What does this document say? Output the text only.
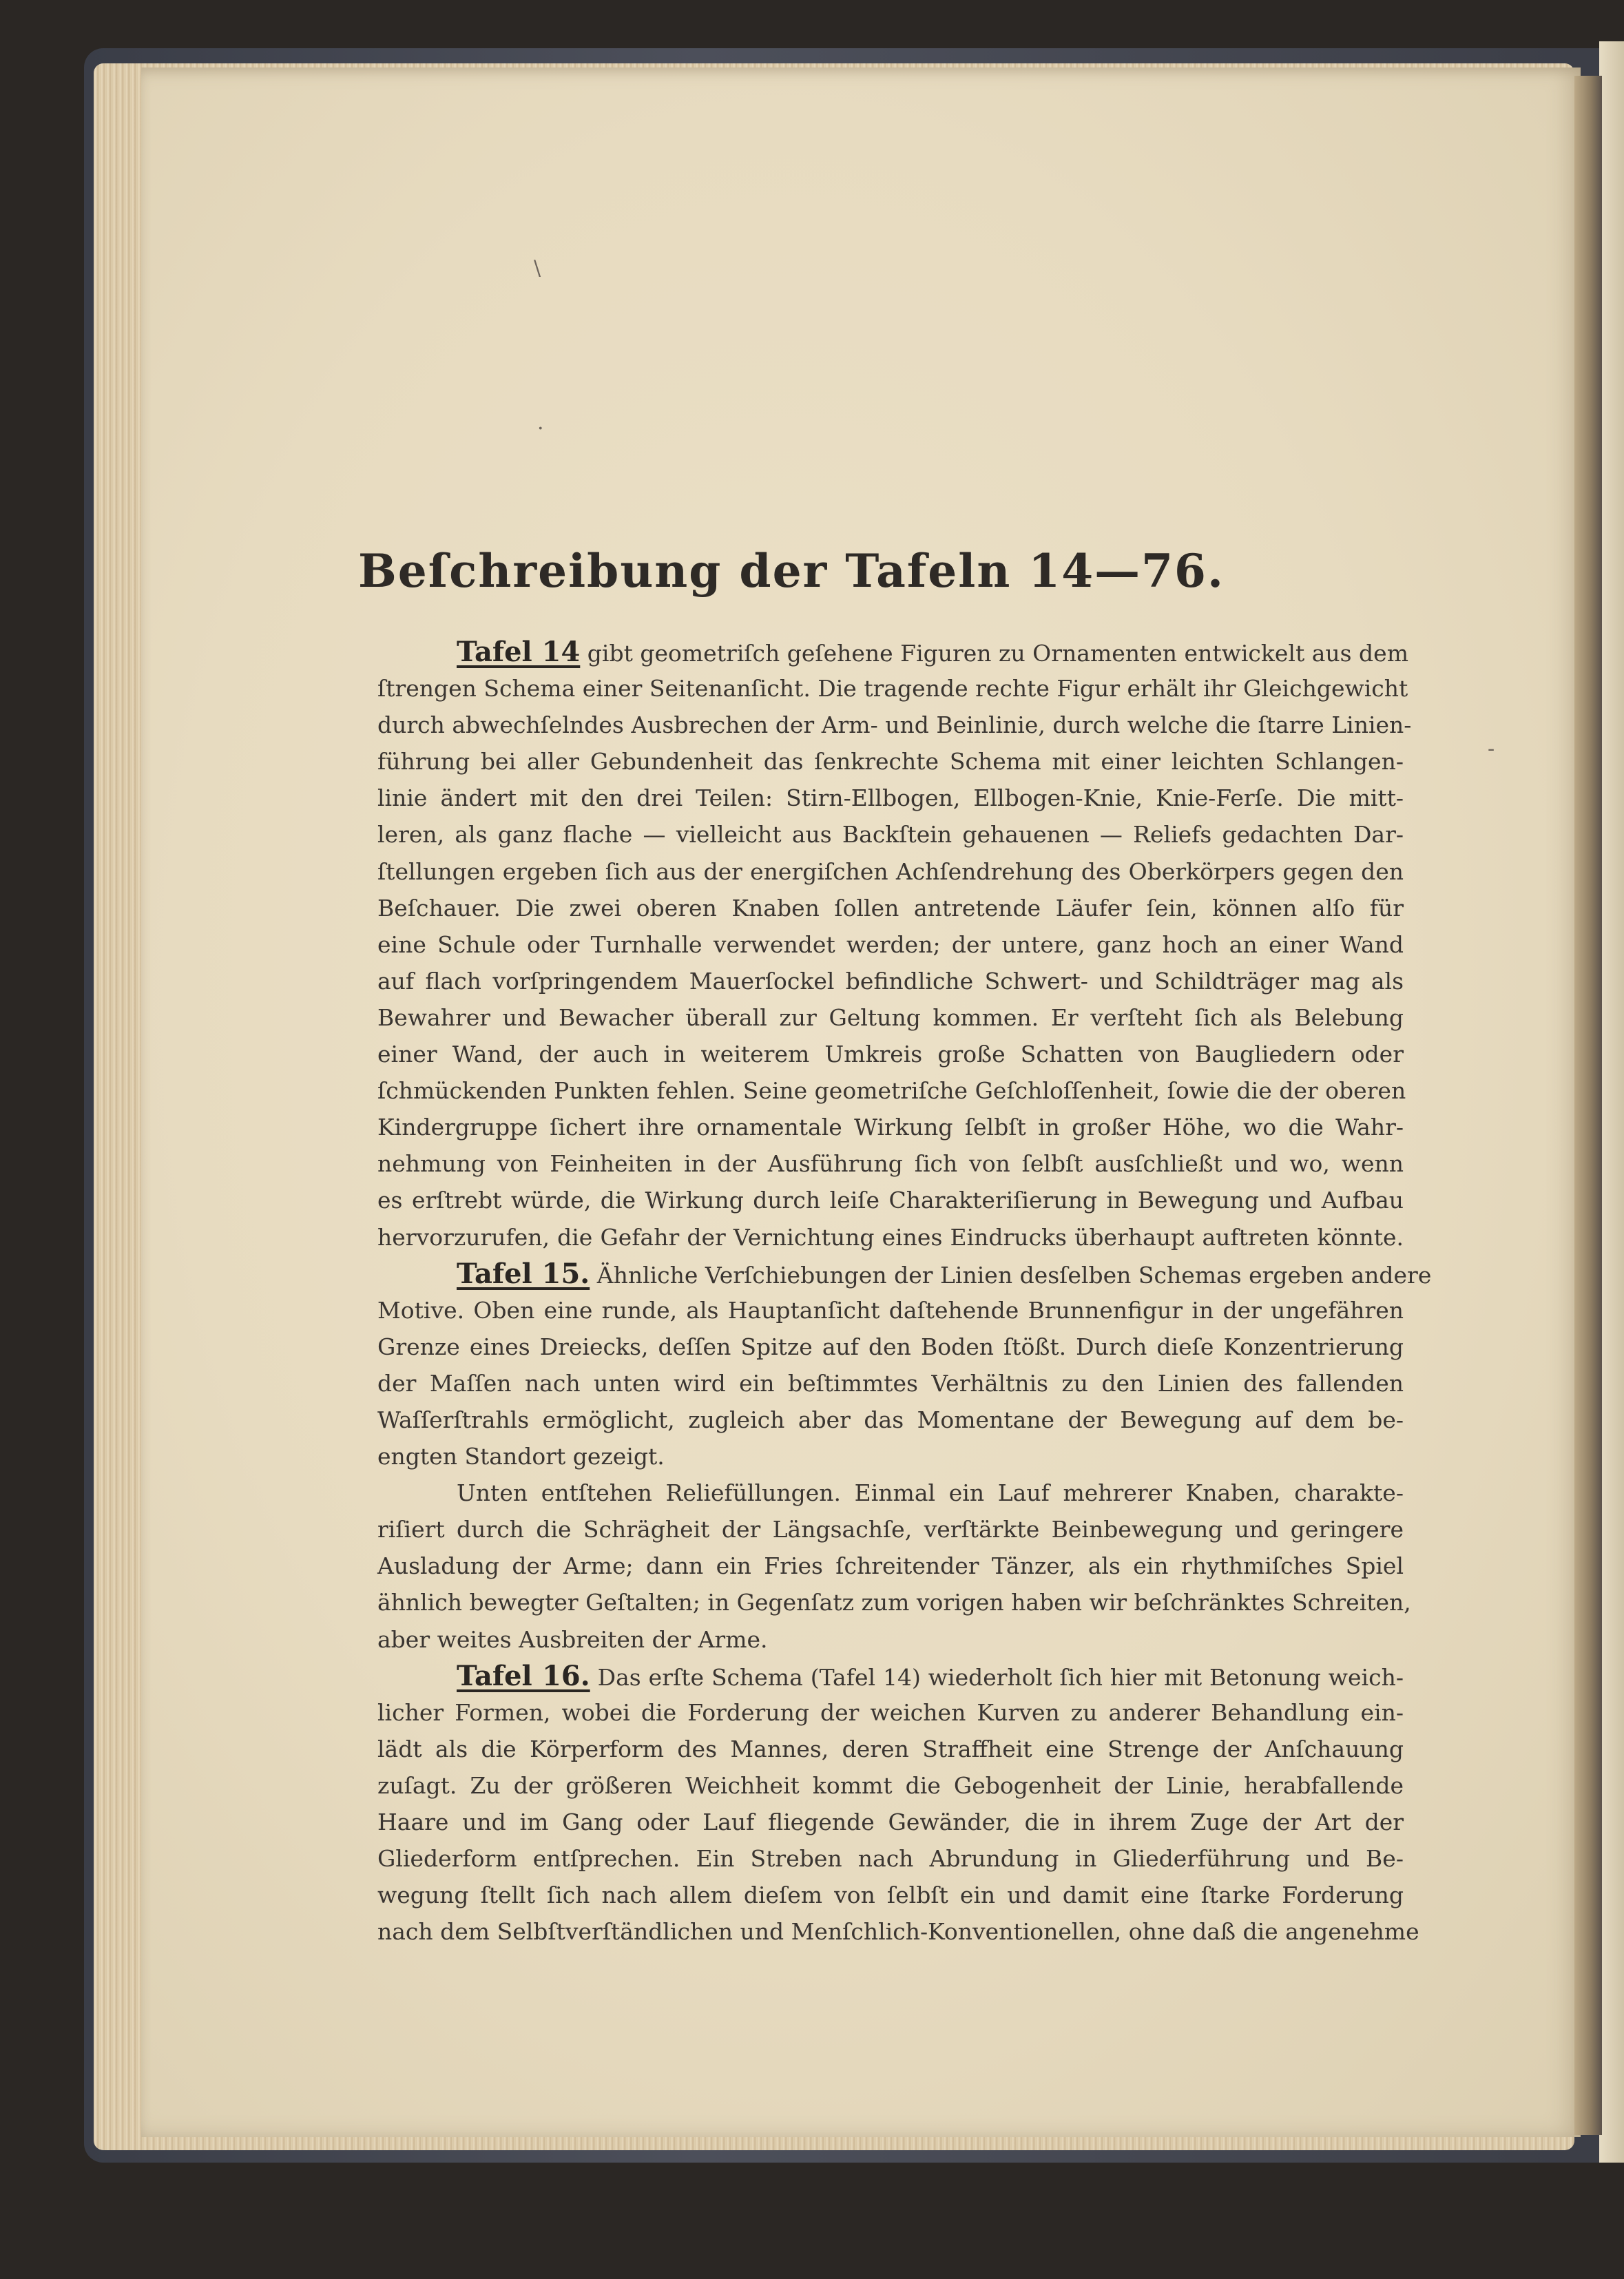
\
·
-
Beſchreibung der Tafeln 14—76.
Tafel 14 gibt geometriſch geſehene Figuren zu Ornamenten entwickelt aus dem
ſtrengen Schema einer Seitenanſicht. Die tragende rechte Figur erhält ihr Gleichgewicht
durch abwechſelndes Ausbrechen der Arm- und Beinlinie, durch welche die ſtarre Linien-
führung bei aller Gebundenheit das ſenkrechte Schema mit einer leichten Schlangen-
linie ändert mit den drei Teilen: Stirn-Ellbogen, Ellbogen-Knie, Knie-Ferſe. Die mitt-
leren, als ganz flache — vielleicht aus Backſtein gehauenen — Reliefs gedachten Dar-
ſtellungen ergeben ſich aus der energiſchen Achſendrehung des Oberkörpers gegen den
Beſchauer. Die zwei oberen Knaben ſollen antretende Läufer ſein, können alſo für
eine Schule oder Turnhalle verwendet werden; der untere, ganz hoch an einer Wand
auf flach vorſpringendem Mauerſockel befindliche Schwert- und Schildträger mag als
Bewahrer und Bewacher überall zur Geltung kommen. Er verſteht ſich als Belebung
einer Wand, der auch in weiterem Umkreis große Schatten von Baugliedern oder
ſchmückenden Punkten fehlen. Seine geometriſche Geſchloſſenheit, ſowie die der oberen
Kindergruppe ſichert ihre ornamentale Wirkung ſelbſt in großer Höhe, wo die Wahr-
nehmung von Feinheiten in der Ausführung ſich von ſelbſt ausſchließt und wo, wenn
es erſtrebt würde, die Wirkung durch leiſe Charakteriſierung in Bewegung und Aufbau
hervorzurufen, die Gefahr der Vernichtung eines Eindrucks überhaupt auftreten könnte.
Tafel 15. Ähnliche Verſchiebungen der Linien desſelben Schemas ergeben andere
Motive. Oben eine runde, als Hauptanſicht daſtehende Brunnenfigur in der ungefähren
Grenze eines Dreiecks, deſſen Spitze auf den Boden ſtößt. Durch dieſe Konzentrierung
der Maſſen nach unten wird ein beſtimmtes Verhältnis zu den Linien des fallenden
Waſſerſtrahls ermöglicht, zugleich aber das Momentane der Bewegung auf dem be-
engten Standort gezeigt.
Unten entſtehen Reliefüllungen. Einmal ein Lauf mehrerer Knaben, charakte-
riſiert durch die Schrägheit der Längsachſe, verſtärkte Beinbewegung und geringere
Ausladung der Arme; dann ein Fries ſchreitender Tänzer, als ein rhythmiſches Spiel
ähnlich bewegter Geſtalten; in Gegenſatz zum vorigen haben wir beſchränktes Schreiten,
aber weites Ausbreiten der Arme.
Tafel 16. Das erſte Schema (Tafel 14) wiederholt ſich hier mit Betonung weich-
licher Formen, wobei die Forderung der weichen Kurven zu anderer Behandlung ein-
lädt als die Körperform des Mannes, deren Straffheit eine Strenge der Anſchauung
zuſagt. Zu der größeren Weichheit kommt die Gebogenheit der Linie, herabfallende
Haare und im Gang oder Lauf fliegende Gewänder, die in ihrem Zuge der Art der
Gliederform entſprechen. Ein Streben nach Abrundung in Gliederführung und Be-
wegung ſtellt ſich nach allem dieſem von ſelbſt ein und damit eine ſtarke Forderung
nach dem Selbſtverſtändlichen und Menſchlich-Konventionellen, ohne daß die angenehme
